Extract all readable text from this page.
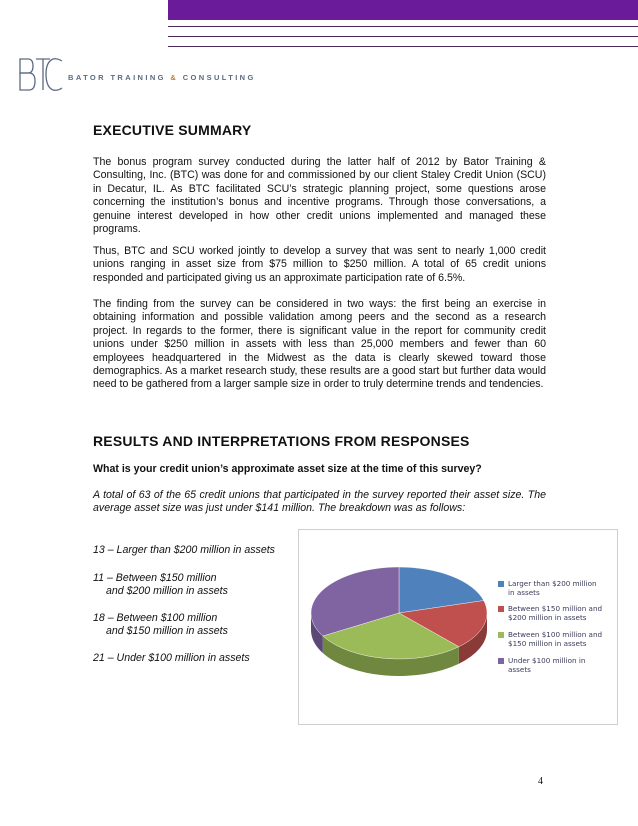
BATOR TRAINING & CONSULTING
EXECUTIVE SUMMARY

The bonus program survey conducted during the latter half of 2012 by Bator Training & Consulting, Inc. (BTC) was done for and commissioned by our client Staley Credit Union (SCU) in Decatur, IL. As BTC facilitated SCU’s strategic planning project, some questions arose concerning the institution’s bonus and incentive programs. Through those conversations, a genuine interest developed in how other credit unions implemented and managed these programs.

Thus, BTC and SCU worked jointly to develop a survey that was sent to nearly 1,000 credit unions ranging in asset size from $75 million to $250 million. A total of 65 credit unions responded and participated giving us an approximate participation rate of 6.5%.

The finding from the survey can be considered in two ways: the first being an exercise in obtaining information and possible validation among peers and the second as a research project. In regards to the former, there is significant value in the report for community credit unions under $250 million in assets with less than 25,000 members and fewer than 60 employees headquartered in the Midwest as the data is clearly skewed toward those demographics. As a market research study, these results are a good start but further data would need to be gathered from a larger sample size in order to truly determine trends and tendencies.

RESULTS AND INTERPRETATIONS FROM RESPONSES
What is your credit union’s approximate asset size at the time of this survey?

A total of 63 of the 65 credit unions that participated in the survey reported their asset size. The average asset size was just under $141 million. The breakdown was as follows:

13 – Larger than $200 million in assets
11 – Between $150 million
and $200 million in assets
18 – Between $100 million
and $150 million in assets
21 – Under $100 million in assets
Larger than $200 million
in assets
Between $150 million and
$200 million in assets
Between $100 million and
$150 million in assets
Under $100 million in
assets
4
